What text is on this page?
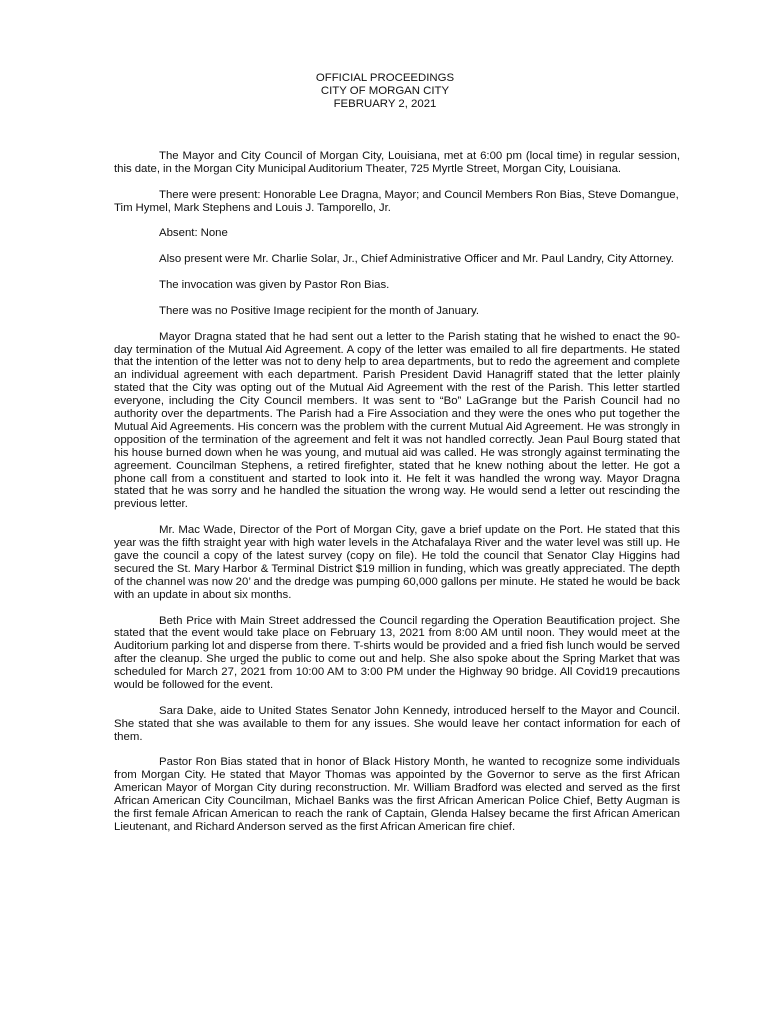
OFFICIAL PROCEEDINGS
CITY OF MORGAN CITY
FEBRUARY 2, 2021

The Mayor and City Council of Morgan City, Louisiana, met at 6:00 pm (local time) in regular session, this date, in the Morgan City Municipal Auditorium Theater, 725 Myrtle Street, Morgan City, Louisiana.

There were present: Honorable Lee Dragna, Mayor; and Council Members Ron Bias, Steve Domangue, Tim Hymel, Mark Stephens and Louis J. Tamporello, Jr.

Absent: None

Also present were Mr. Charlie Solar, Jr., Chief Administrative Officer and Mr. Paul Landry, City Attorney.

The invocation was given by Pastor Ron Bias.

There was no Positive Image recipient for the month of January.

Mayor Dragna stated that he had sent out a letter to the Parish stating that he wished to enact the 90-day termination of the Mutual Aid Agreement. A copy of the letter was emailed to all fire departments. He stated that the intention of the letter was not to deny help to area departments, but to redo the agreement and complete an individual agreement with each department. Parish President David Hanagriff stated that the letter plainly stated that the City was opting out of the Mutual Aid Agreement with the rest of the Parish. This letter startled everyone, including the City Council members. It was sent to “Bo” LaGrange but the Parish Council had no authority over the departments. The Parish had a Fire Association and they were the ones who put together the Mutual Aid Agreements. His concern was the problem with the current Mutual Aid Agreement. He was strongly in opposition of the termination of the agreement and felt it was not handled correctly. Jean Paul Bourg stated that his house burned down when he was young, and mutual aid was called. He was strongly against terminating the agreement. Councilman Stephens, a retired firefighter, stated that he knew nothing about the letter. He got a phone call from a constituent and started to look into it. He felt it was handled the wrong way. Mayor Dragna stated that he was sorry and he handled the situation the wrong way. He would send a letter out rescinding the previous letter.

Mr. Mac Wade, Director of the Port of Morgan City, gave a brief update on the Port. He stated that this year was the fifth straight year with high water levels in the Atchafalaya River and the water level was still up. He gave the council a copy of the latest survey (copy on file). He told the council that Senator Clay Higgins had secured the St. Mary Harbor & Terminal District $19 million in funding, which was greatly appreciated. The depth of the channel was now 20’ and the dredge was pumping 60,000 gallons per minute. He stated he would be back with an update in about six months.

Beth Price with Main Street addressed the Council regarding the Operation Beautification project. She stated that the event would take place on February 13, 2021 from 8:00 AM until noon. They would meet at the Auditorium parking lot and disperse from there. T-shirts would be provided and a fried fish lunch would be served after the cleanup. She urged the public to come out and help. She also spoke about the Spring Market that was scheduled for March 27, 2021 from 10:00 AM to 3:00 PM under the Highway 90 bridge. All Covid19 precautions would be followed for the event.

Sara Dake, aide to United States Senator John Kennedy, introduced herself to the Mayor and Council. She stated that she was available to them for any issues. She would leave her contact information for each of them.

Pastor Ron Bias stated that in honor of Black History Month, he wanted to recognize some individuals from Morgan City. He stated that Mayor Thomas was appointed by the Governor to serve as the first African American Mayor of Morgan City during reconstruction. Mr. William Bradford was elected and served as the first African American City Councilman, Michael Banks was the first African American Police Chief, Betty Augman is the first female African American to reach the rank of Captain, Glenda Halsey became the first African American Lieutenant, and Richard Anderson served as the first African American fire chief.
